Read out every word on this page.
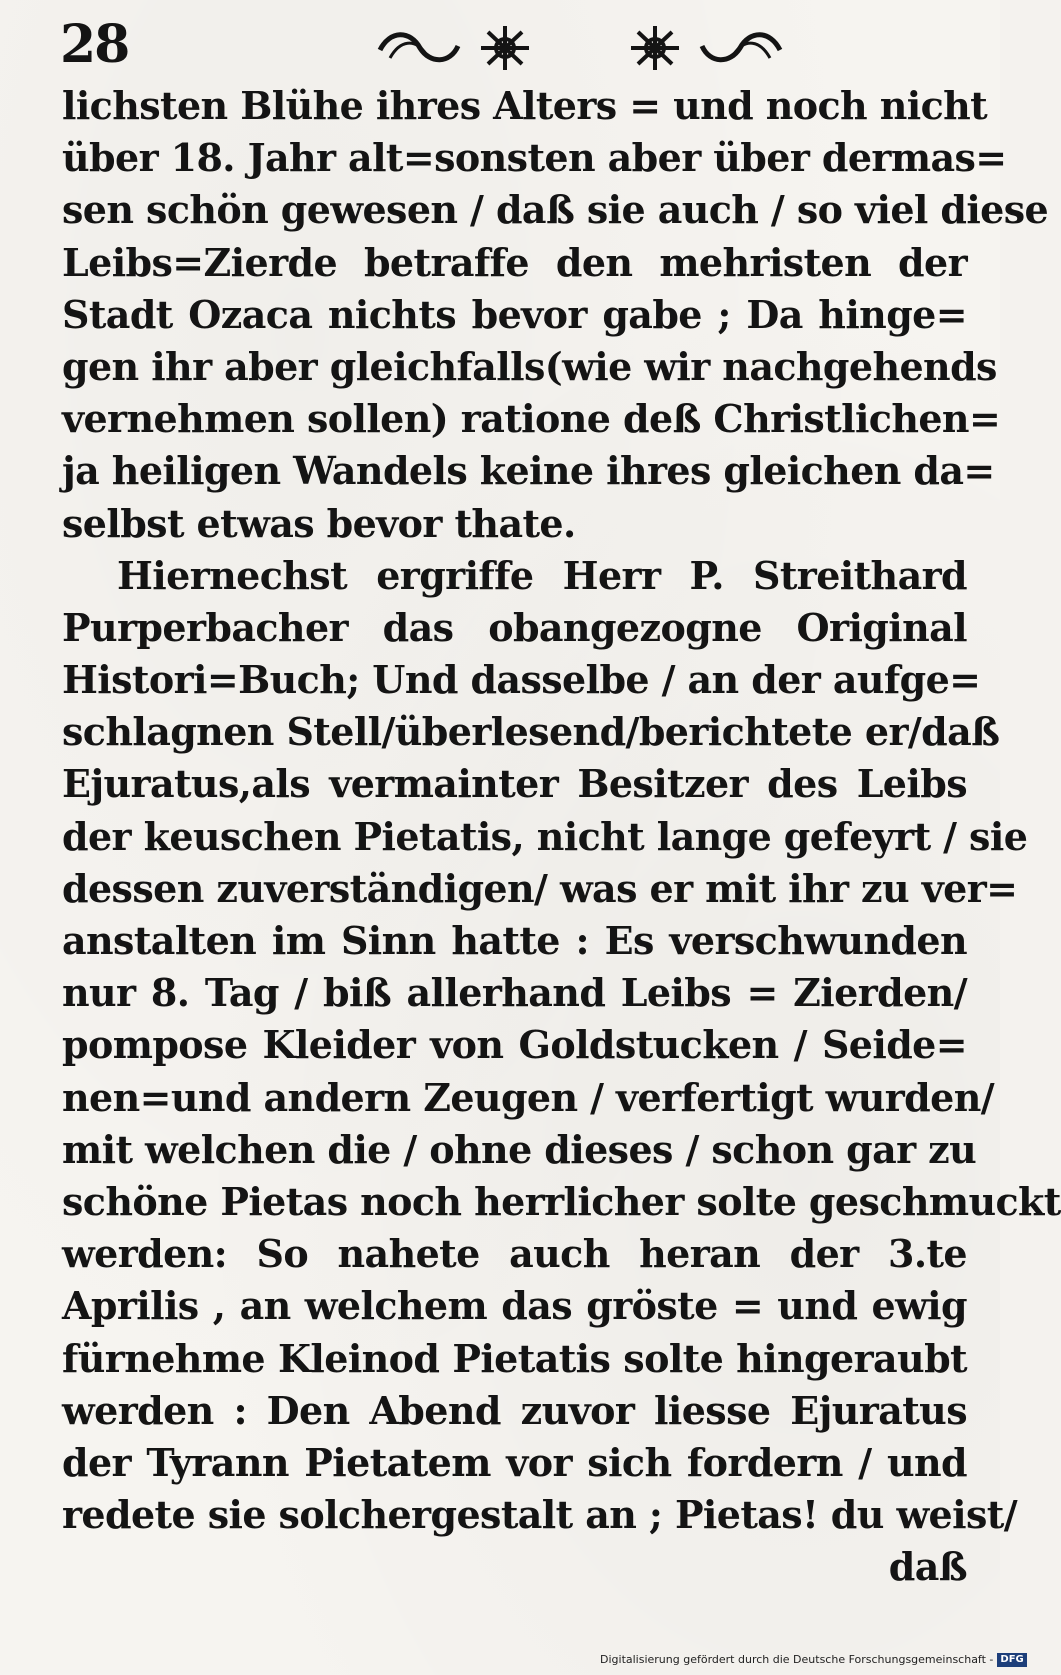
28
lichsten Blühe ihres Alters = und noch nicht
über 18. Jahr alt=sonsten aber über dermas=
sen schön gewesen / daß sie auch / so viel diese
Leibs=Zierde betraffe den mehristen der
Stadt Ozaca nichts bevor gabe ; Da hinge=
gen ihr aber gleichfalls(wie wir nachgehends
vernehmen sollen) ratione deß Christlichen=
ja heiligen Wandels keine ihres gleichen da=
selbst etwas bevor thate.
Hiernechst ergriffe Herr P. Streithard
Purperbacher das obangezogne Original
Histori=Buch; Und dasselbe / an der aufge=
schlagnen Stell/überlesend/berichtete er/daß
Ejuratus,als vermainter Besitzer des Leibs
der keuschen Pietatis, nicht lange gefeyrt / sie
dessen zuverständigen/ was er mit ihr zu ver=
anstalten im Sinn hatte : Es verschwunden
nur 8. Tag / biß allerhand Leibs = Zierden/
pompose Kleider von Goldstucken / Seide=
nen=und andern Zeugen / verfertigt wurden/
mit welchen die / ohne dieses / schon gar zu
schöne Pietas noch herrlicher solte geschmuckt
werden: So nahete auch heran der 3.te
Aprilis , an welchem das gröste = und ewig
fürnehme Kleinod Pietatis solte hingeraubt
werden : Den Abend zuvor liesse Ejuratus
der Tyrann Pietatem vor sich fordern / und
redete sie solchergestalt an ; Pietas! du weist/
daß
Digitalisierung gefördert durch die Deutsche Forschungsgemeinschaft - DFG
